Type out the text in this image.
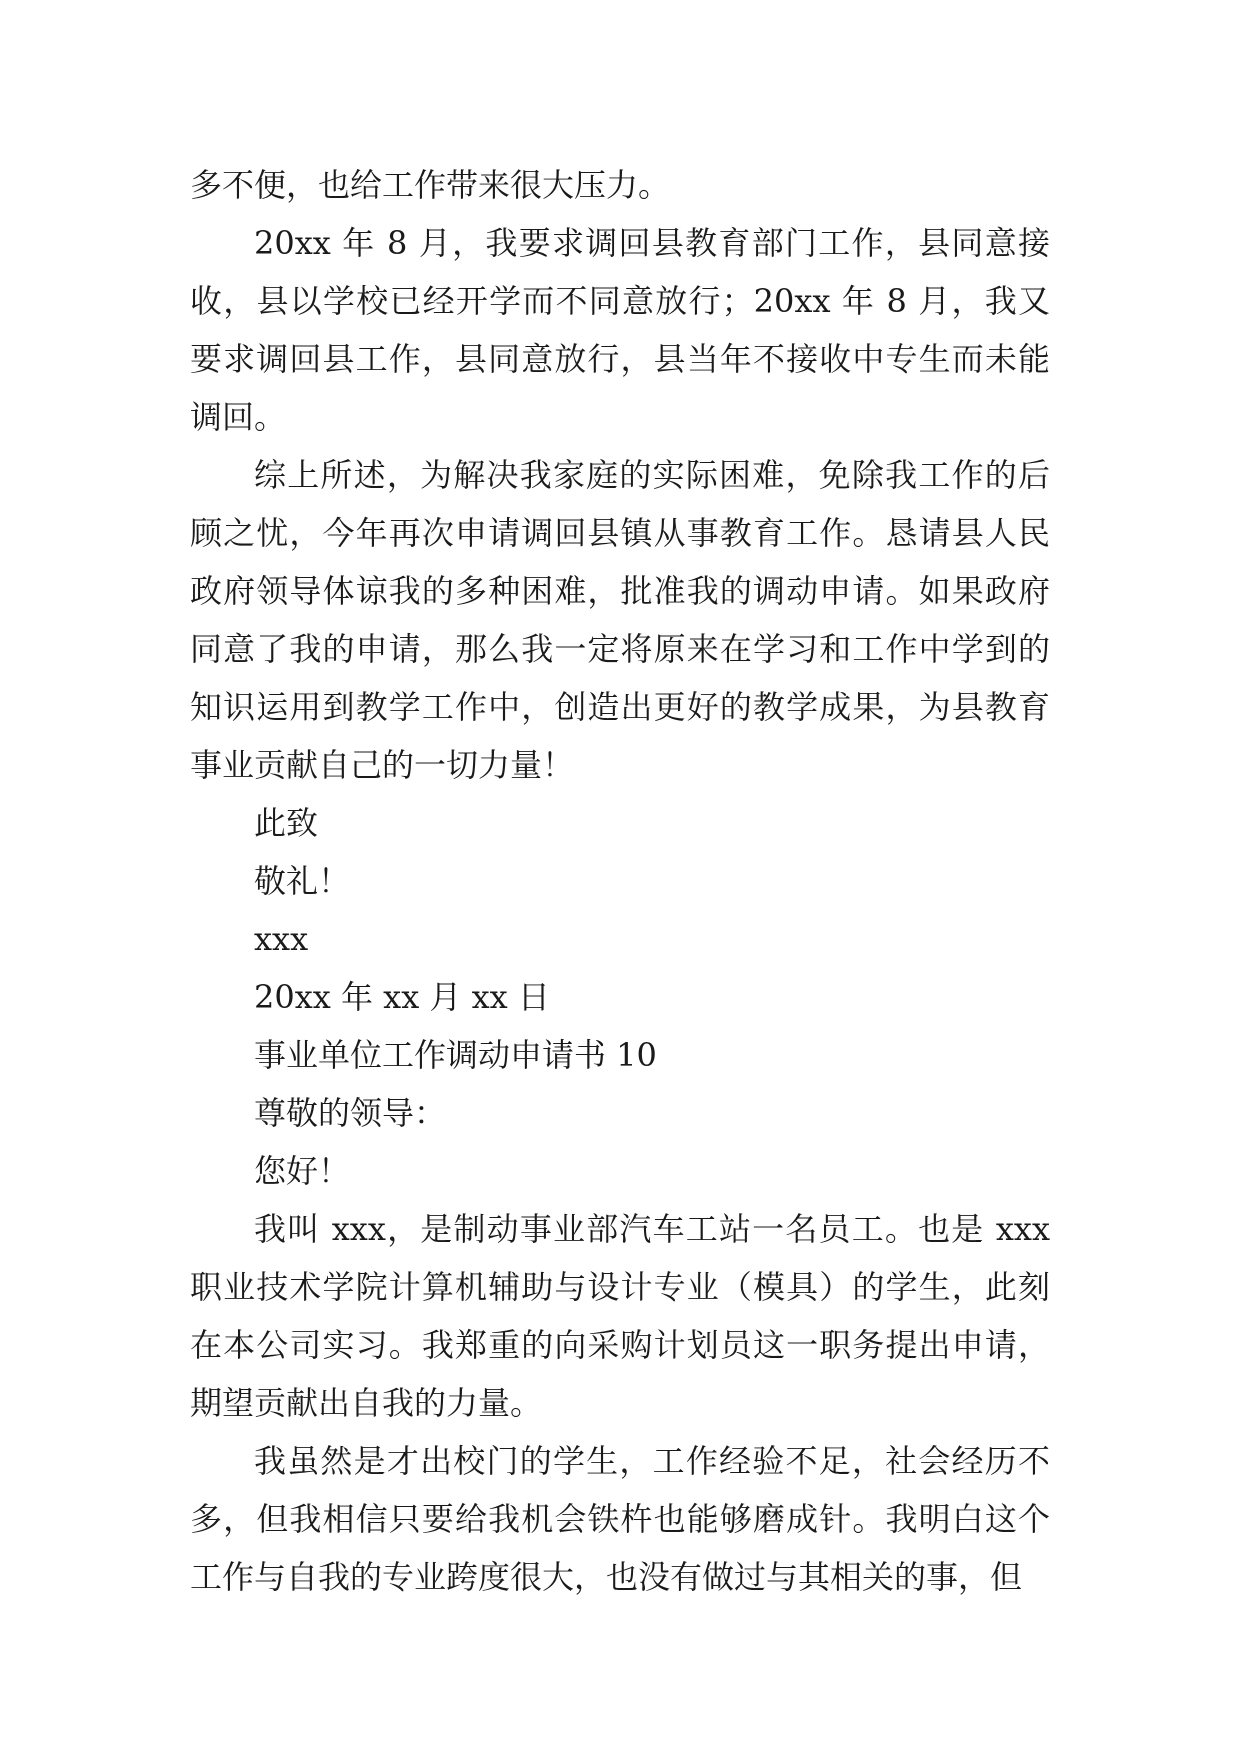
多不便，也给工作带来很大压力。

20xx 年 8 月，我要求调回县教育部门工作，县同意接收，县以学校已经开学而不同意放行；20xx 年 8 月，我又要求调回县工作，县同意放行，县当年不接收中专生而未能调回。

综上所述，为解决我家庭的实际困难，免除我工作的后顾之忧，今年再次申请调回县镇从事教育工作。恳请县人民政府领导体谅我的多种困难，批准我的调动申请。如果政府同意了我的申请，那么我一定将原来在学习和工作中学到的知识运用到教学工作中，创造出更好的教学成果，为县教育事业贡献自己的一切力量！

此致

敬礼！

xxx

20xx 年 xx 月 xx 日

事业单位工作调动申请书 10

尊敬的领导：

您好！

我叫 xxx，是制动事业部汽车工站一名员工。也是 xxx 职业技术学院计算机辅助与设计专业（模具）的学生，此刻在本公司实习。我郑重的向采购计划员这一职务提出申请，期望贡献出自我的力量。

我虽然是才出校门的学生，工作经验不足，社会经历不多，但我相信只要给我机会铁杵也能够磨成针。我明白这个工作与自我的专业跨度很大，也没有做过与其相关的事，但
